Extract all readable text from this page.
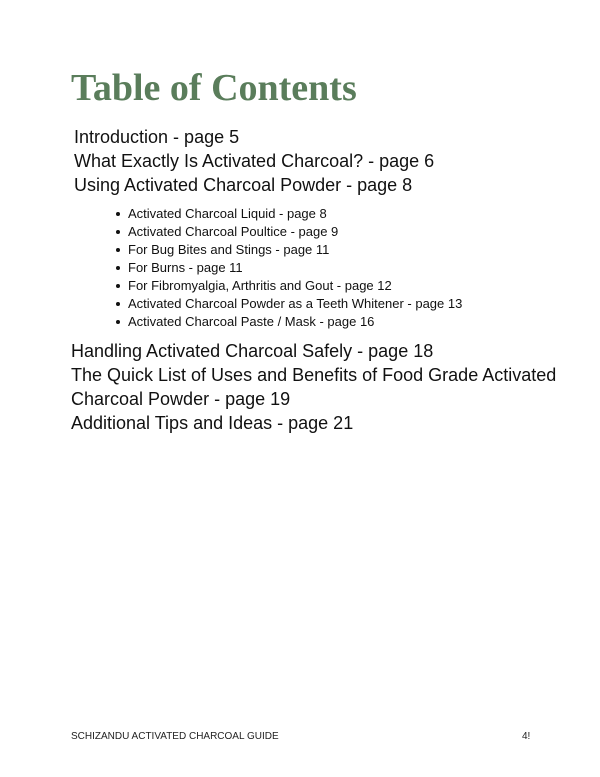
Table of Contents
Introduction - page 5
What Exactly Is Activated Charcoal? - page 6
Using Activated Charcoal Powder - page 8
Activated Charcoal Liquid - page 8
Activated Charcoal Poultice - page 9
For Bug Bites and Stings - page 11
For Burns - page 11
For Fibromyalgia, Arthritis and Gout - page 12
Activated Charcoal Powder as a Teeth Whitener - page 13
Activated Charcoal Paste / Mask - page 16
Handling Activated Charcoal Safely - page 18
The Quick List of Uses and Benefits of Food Grade Activated Charcoal Powder - page 19
Additional Tips and Ideas - page 21
SCHIZANDU ACTIVATED CHARCOAL GUIDE	4!
